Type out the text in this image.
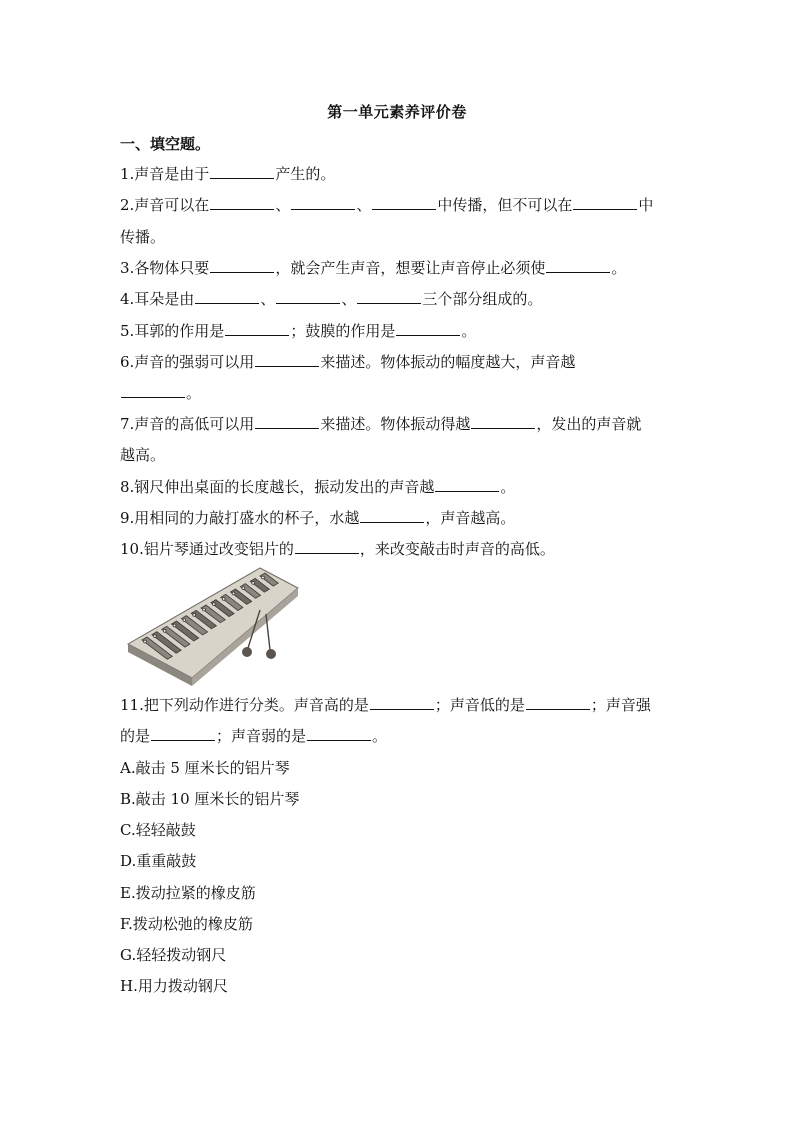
第一单元素养评价卷
一、填空题。
1.声音是由于	产生的。
2.声音可以在	、	、	中传播，但不可以在	中
传播。
3.各物体只要	，就会产生声音，想要让声音停止必须使	。
4.耳朵是由	、	、	三个部分组成的。
5.耳郭的作用是	；鼓膜的作用是	。
6.声音的强弱可以用	来描述。物体振动的幅度越大，声音越
。
7.声音的高低可以用	来描述。物体振动得越	，发出的声音就
越高。
8.钢尺伸出桌面的长度越长，振动发出的声音越	。
9.用相同的力敲打盛水的杯子，水越	，声音越高。
10.铝片琴通过改变铝片的	，来改变敲击时声音的高低。
11.把下列动作进行分类。声音高的是	；声音低的是	；声音强
的是	；声音弱的是	。
A.敲击 5 厘米长的铝片琴
B.敲击 10 厘米长的铝片琴
C.轻轻敲鼓
D.重重敲鼓
E.拨动拉紧的橡皮筋
F.拨动松弛的橡皮筋
G.轻轻拨动钢尺
H.用力拨动钢尺
